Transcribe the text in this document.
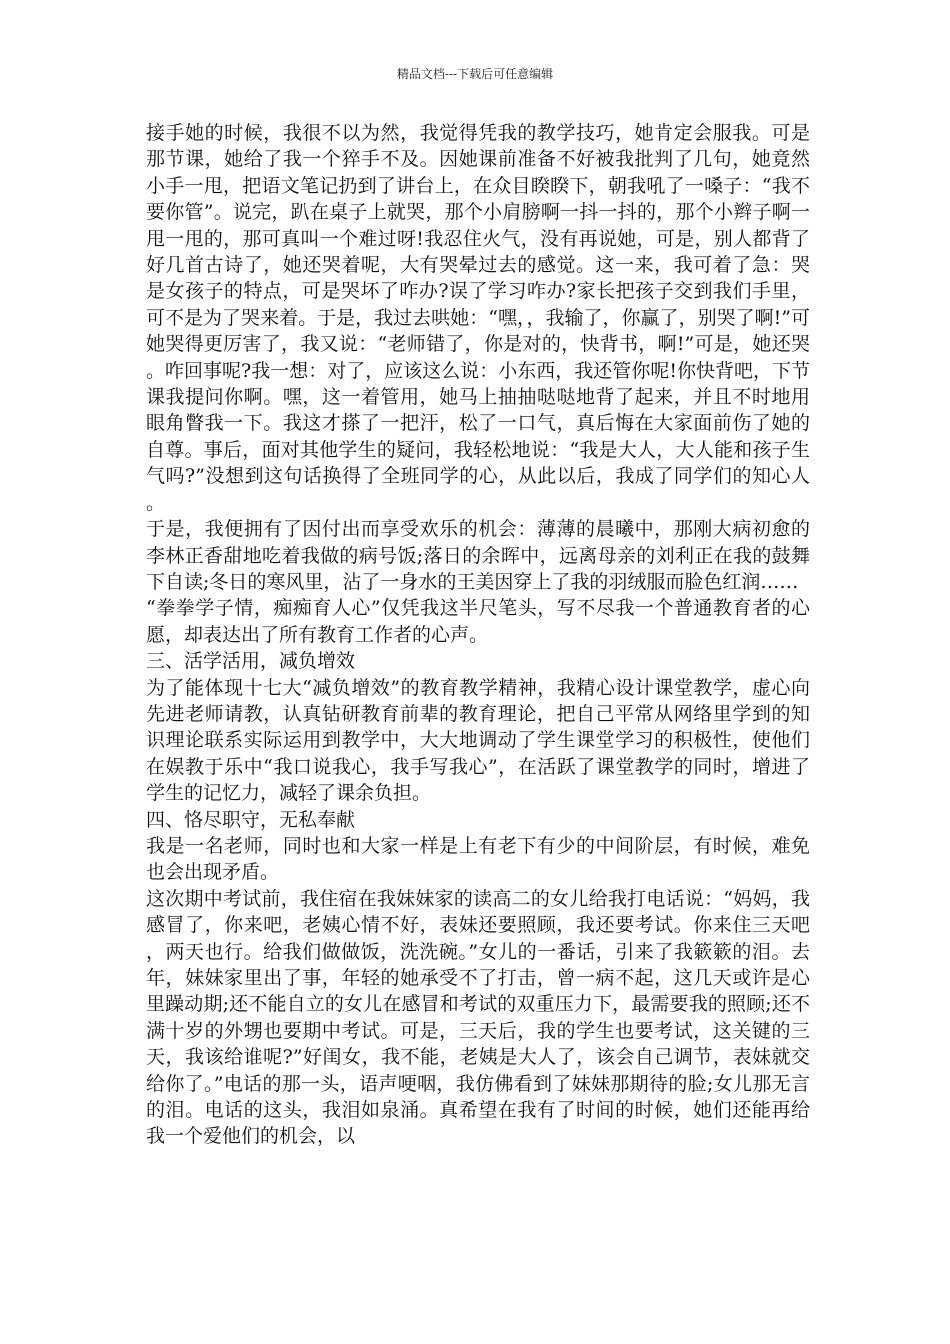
精品文档---下载后可任意编辑

接手她的时候，我很不以为然，我觉得凭我的教学技巧，她肯定会服我。可是那节课，她给了我一个猝手不及。因她课前准备不好被我批判了几句，她竟然小手一甩，把语文笔记扔到了讲台上，在众目睽睽下，朝我吼了一嗓子：“我不要你管”。说完，趴在桌子上就哭，那个小肩膀啊一抖一抖的，那个小辫子啊一甩一甩的，那可真叫一个难过呀!我忍住火气，没有再说她，可是，别人都背了好几首古诗了，她还哭着呢，大有哭晕过去的感觉。这一来，我可着了急：哭是女孩子的特点，可是哭坏了咋办?误了学习咋办?家长把孩子交到我们手里，可不是为了哭来着。于是，我过去哄她：“嘿，，我输了，你赢了，别哭了啊!”可她哭得更厉害了，我又说：“老师错了，你是对的，快背书，啊!”可是，她还哭。咋回事呢?我一想：对了，应该这么说：小东西，我还管你呢!你快背吧，下节课我提问你啊。嘿，这一着管用，她马上抽抽哒哒地背了起来，并且不时地用眼角瞥我一下。我这才搽了一把汗，松了一口气，真后悔在大家面前伤了她的自尊。事后，面对其他学生的疑问，我轻松地说：“我是大人，大人能和孩子生气吗?”没想到这句话换得了全班同学的心，从此以后，我成了同学们的知心人。

于是，我便拥有了因付出而享受欢乐的机会：薄薄的晨曦中，那刚大病初愈的李林正香甜地吃着我做的病号饭;落日的余晖中，远离母亲的刘利正在我的鼓舞下自读;冬日的寒风里，沾了一身水的王美因穿上了我的羽绒服而脸色红润……

“拳拳学子情，痴痴育人心”仅凭我这半尺笔头，写不尽我一个普通教育者的心愿，却表达出了所有教育工作者的心声。

三、活学活用，减负增效

为了能体现十七大“减负增效”的教育教学精神，我精心设计课堂教学，虚心向先进老师请教，认真钻研教育前辈的教育理论，把自己平常从网络里学到的知识理论联系实际运用到教学中，大大地调动了学生课堂学习的积极性，使他们在娱教于乐中“我口说我心，我手写我心”，在活跃了课堂教学的同时，增进了学生的记忆力，减轻了课余负担。

四、恪尽职守，无私奉献

我是一名老师，同时也和大家一样是上有老下有少的中间阶层，有时候，难免也会出现矛盾。

这次期中考试前，我住宿在我妹妹家的读高二的女儿给我打电话说：“妈妈，我感冒了，你来吧，老姨心情不好，表妹还要照顾，我还要考试。你来住三天吧，两天也行。给我们做做饭，洗洗碗。”女儿的一番话，引来了我簌簌的泪。去年，妹妹家里出了事，年轻的她承受不了打击，曾一病不起，这几天或许是心里躁动期;还不能自立的女儿在感冒和考试的双重压力下，最需要我的照顾;还不满十岁的外甥也要期中考试。可是，三天后，我的学生也要考试，这关键的三天，我该给谁呢?”好闺女，我不能，老姨是大人了，该会自己调节，表妹就交给你了。”电话的那一头，语声哽咽，我仿佛看到了妹妹那期待的脸;女儿那无言的泪。电话的这头，我泪如泉涌。真希望在我有了时间的时候，她们还能再给我一个爱他们的机会，以
